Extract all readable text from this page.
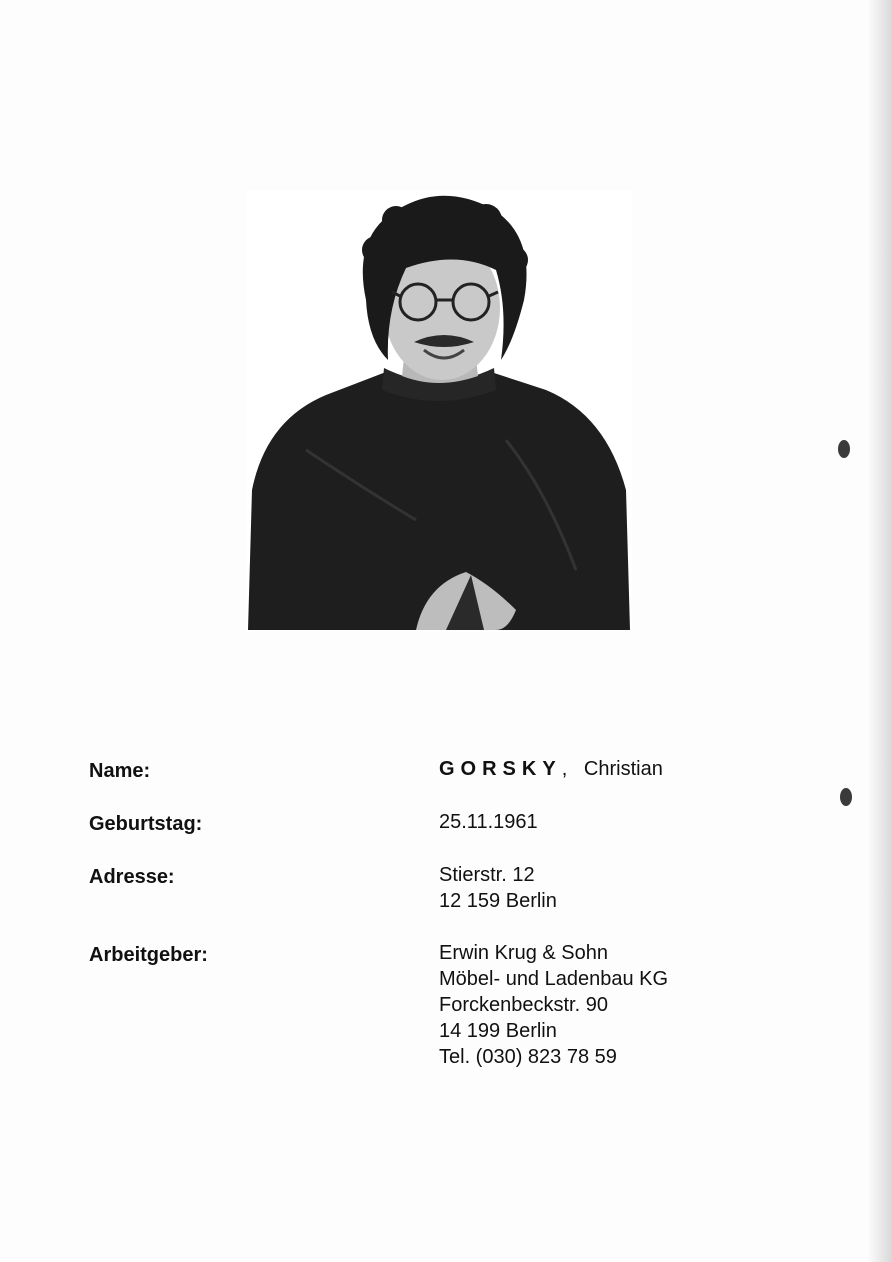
Name:	GORSKY, Christian
Geburtstag:	25.11.1961
Adresse:	Stierstr. 12
12 159 Berlin
Arbeitgeber:	Erwin Krug & Sohn
Möbel- und Ladenbau KG
Forckenbeckstr. 90
14 199 Berlin
Tel. (030) 823 78 59
